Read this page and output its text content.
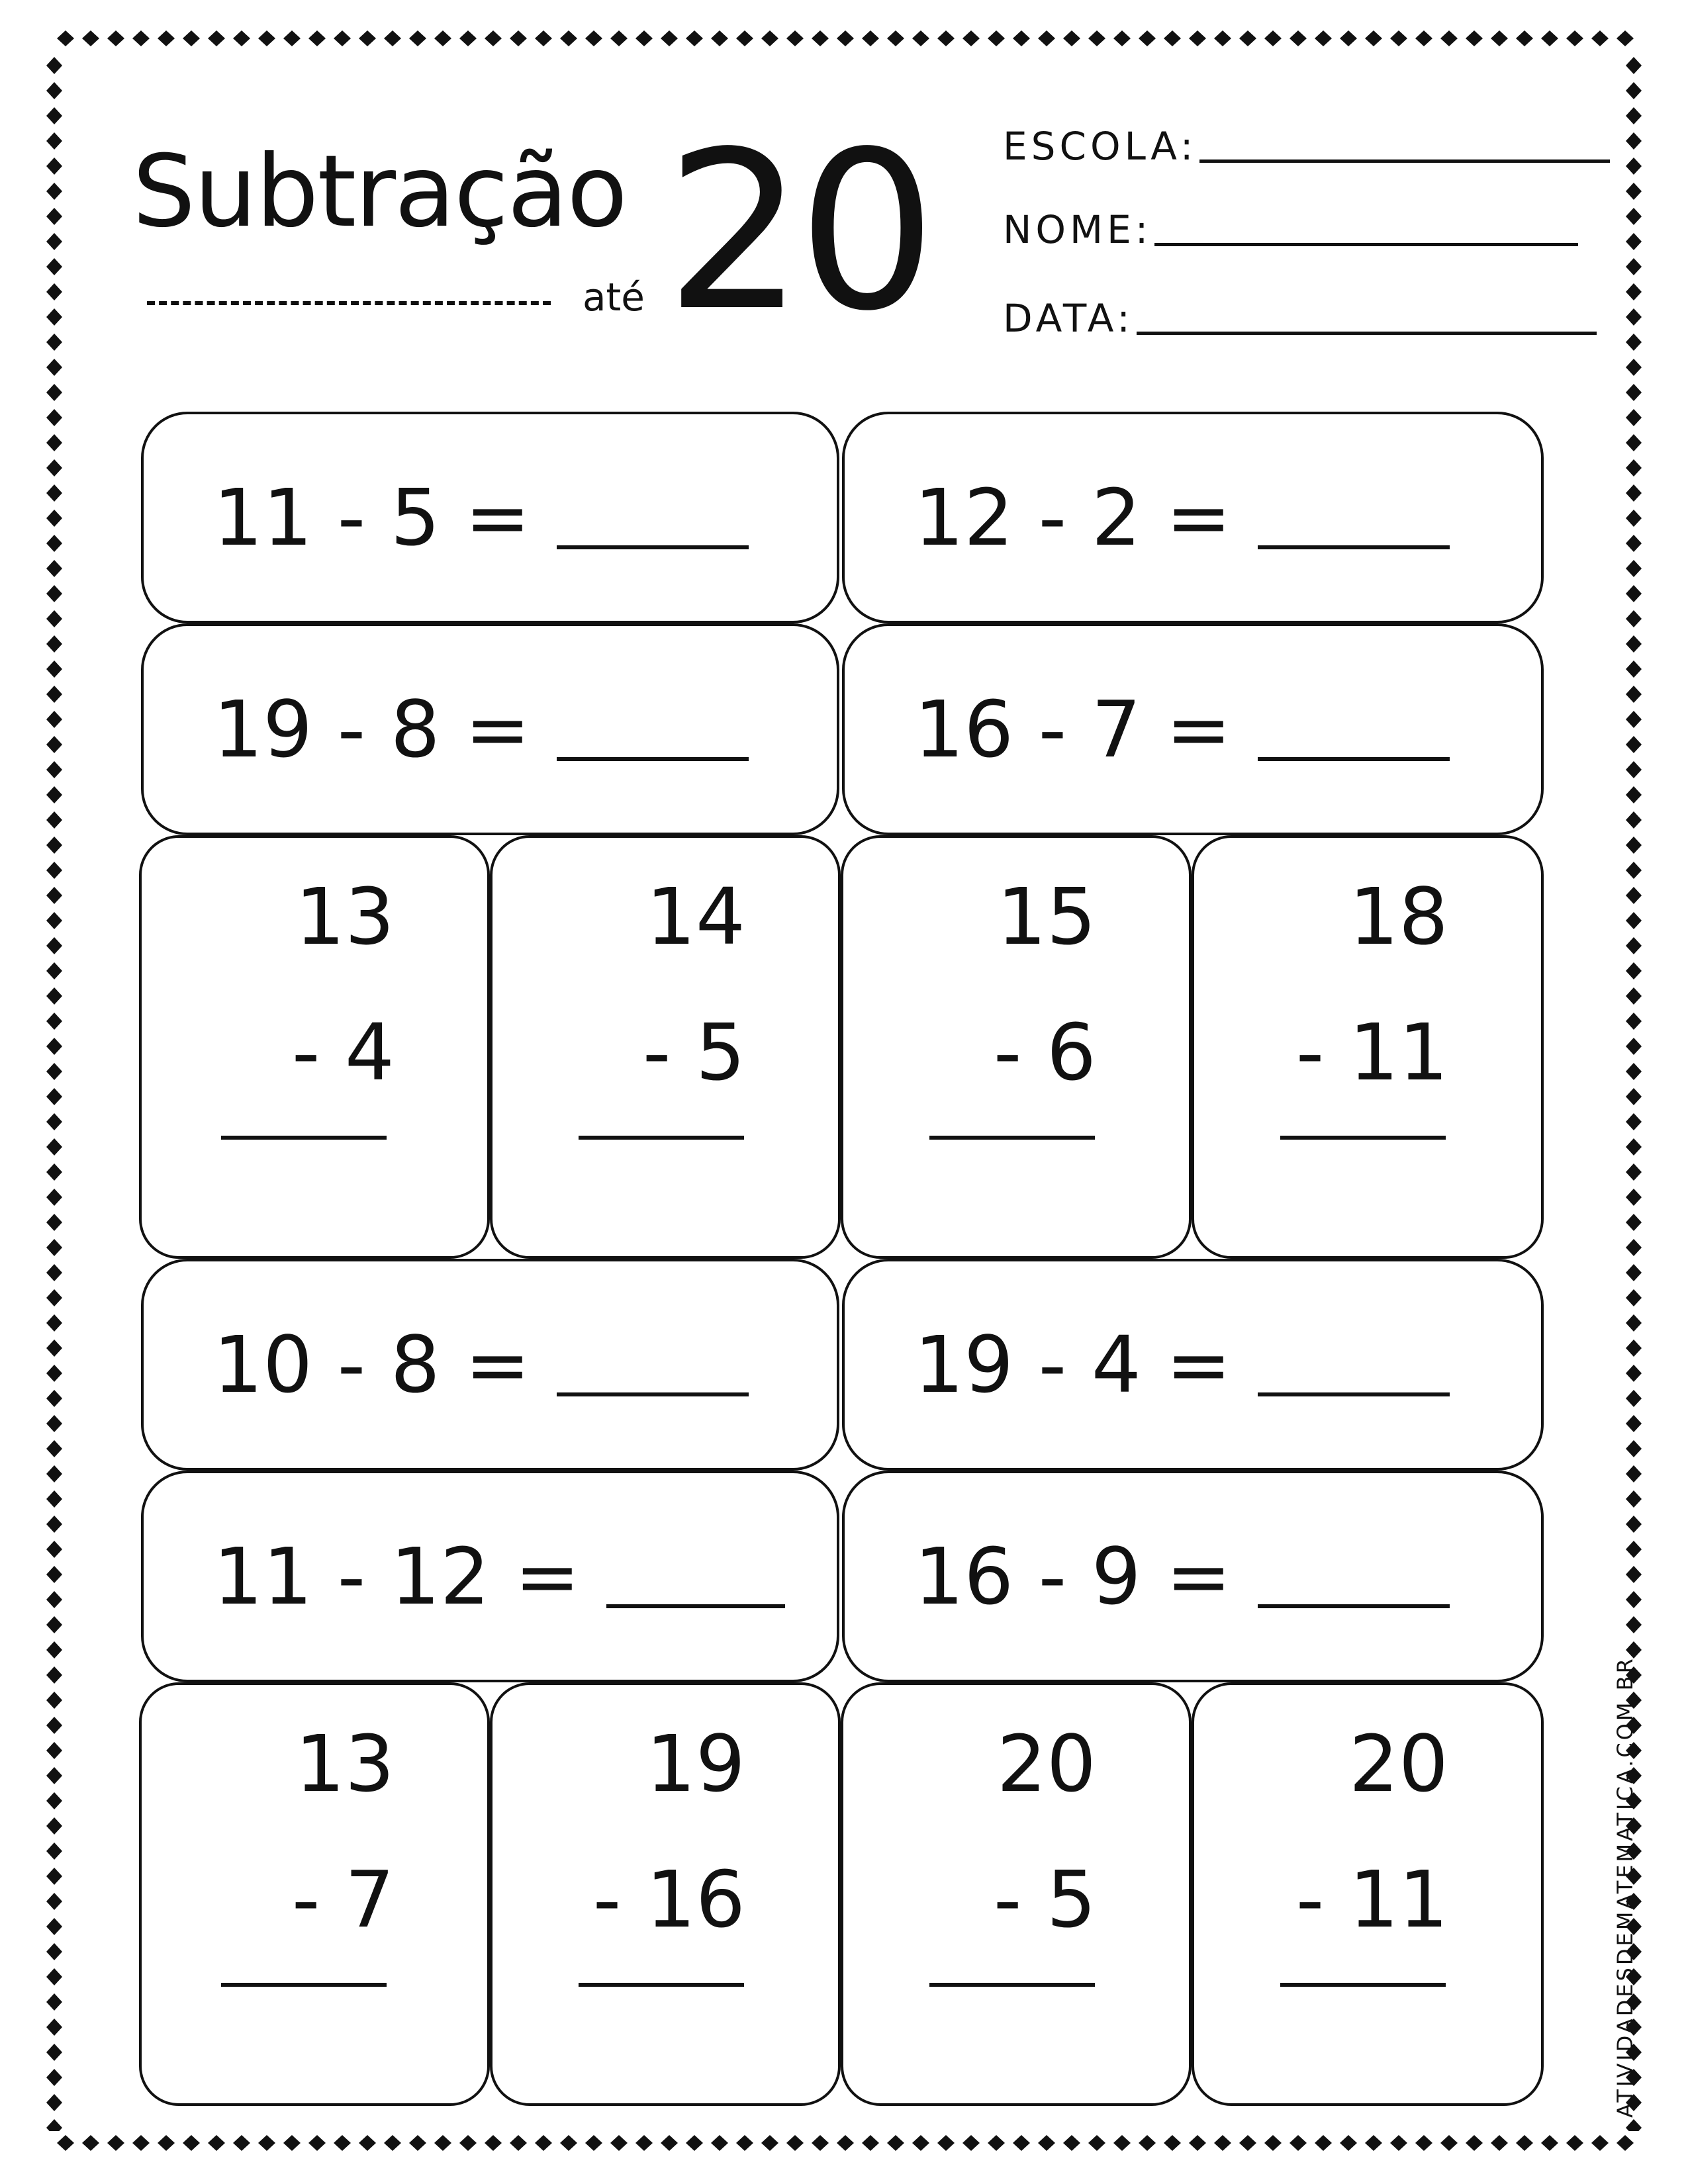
Subtração
até 20 ESCOLA:
NOME:
DATA:
11 - 5 =	12 - 2 =
19 - 8 =	16 - 7 =
13
- 4
14
- 5
15
- 6
18
- 11
10 - 8 =	19 - 4 =
11 - 12 =	16 - 9 =
13
- 7
19
- 16
20
- 5
20
- 11	ATIVIDADESDEMATEMATICA.COM.BR
